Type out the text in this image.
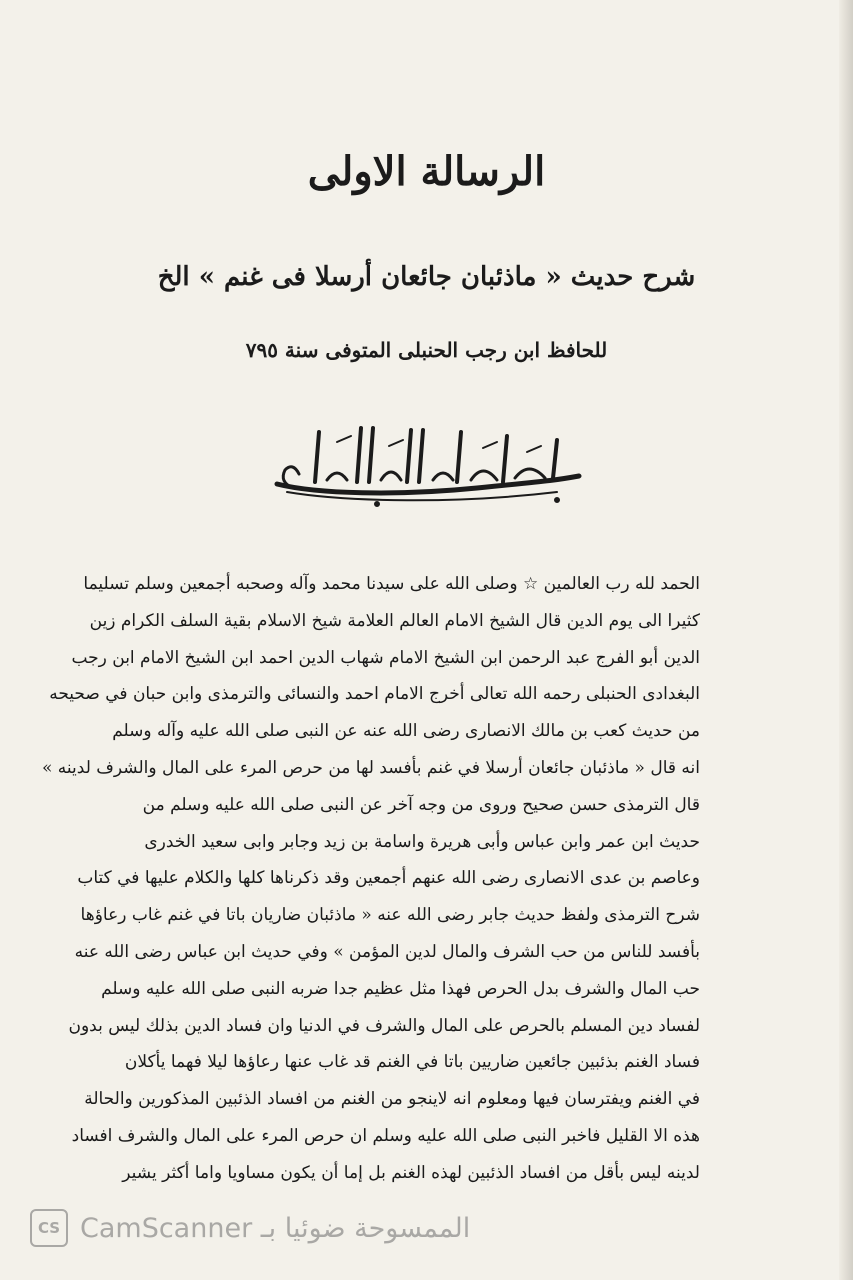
الرسالة الاولى
شرح حديث « ماذئبان جائعان أرسلا فى غنم » الخ
للحافظ ابن رجب الحنبلى المتوفى سنة ٧٩٥
الحمد لله رب العالمين ☆ وصلى الله على سيدنا محمد وآله وصحبه أجمعين وسلم تسليما
كثيرا الى يوم الدين قال الشيخ الامام العالم العلامة شيخ الاسلام بقية السلف الكرام زين
الدين أبو الفرج عبد الرحمن ابن الشيخ الامام شهاب الدين احمد ابن الشيخ الامام ابن رجب
البغدادى الحنبلى رحمه الله تعالى أخرج الامام احمد والنسائى والترمذى وابن حبان في صحيحه
من حديث كعب بن مالك الانصارى رضى الله عنه عن النبى صلى الله عليه وآله وسلم
انه قال « ماذئبان جائعان أرسلا في غنم بأفسد لها من حرص المرء على المال والشرف لدينه »
قال الترمذى حسن صحيح وروى من وجه آخر عن النبى صلى الله عليه وسلم من
حديث ابن عمر وابن عباس وأبى هريرة واسامة بن زيد وجابر وابى سعيد الخدرى
وعاصم بن عدى الانصارى رضى الله عنهم أجمعين وقد ذكرناها كلها والكلام عليها في كتاب
شرح الترمذى ولفظ حديث جابر رضى الله عنه « ماذئبان ضاريان باتا في غنم غاب رعاؤها
بأفسد للناس من حب الشرف والمال لدين المؤمن » وفي حديث ابن عباس رضى الله عنه
حب المال والشرف بدل الحرص فهذا مثل عظيم جدا ضربه النبى صلى الله عليه وسلم
لفساد دين المسلم بالحرص على المال والشرف في الدنيا وان فساد الدين بذلك ليس بدون
فساد الغنم بذئبين جائعين ضاريين باتا في الغنم قد غاب عنها رعاؤها ليلا فهما يأكلان
في الغنم ويفترسان فيها ومعلوم انه لاينجو من الغنم من افساد الذئبين المذكورين والحالة
هذه الا القليل فاخبر النبى صلى الله عليه وسلم ان حرص المرء على المال والشرف افساد
لدينه ليس بأقل من افساد الذئبين لهذه الغنم بل إما أن يكون مساويا واما أكثر يشير
CS CamScanner الممسوحة ضوئيا بـ
